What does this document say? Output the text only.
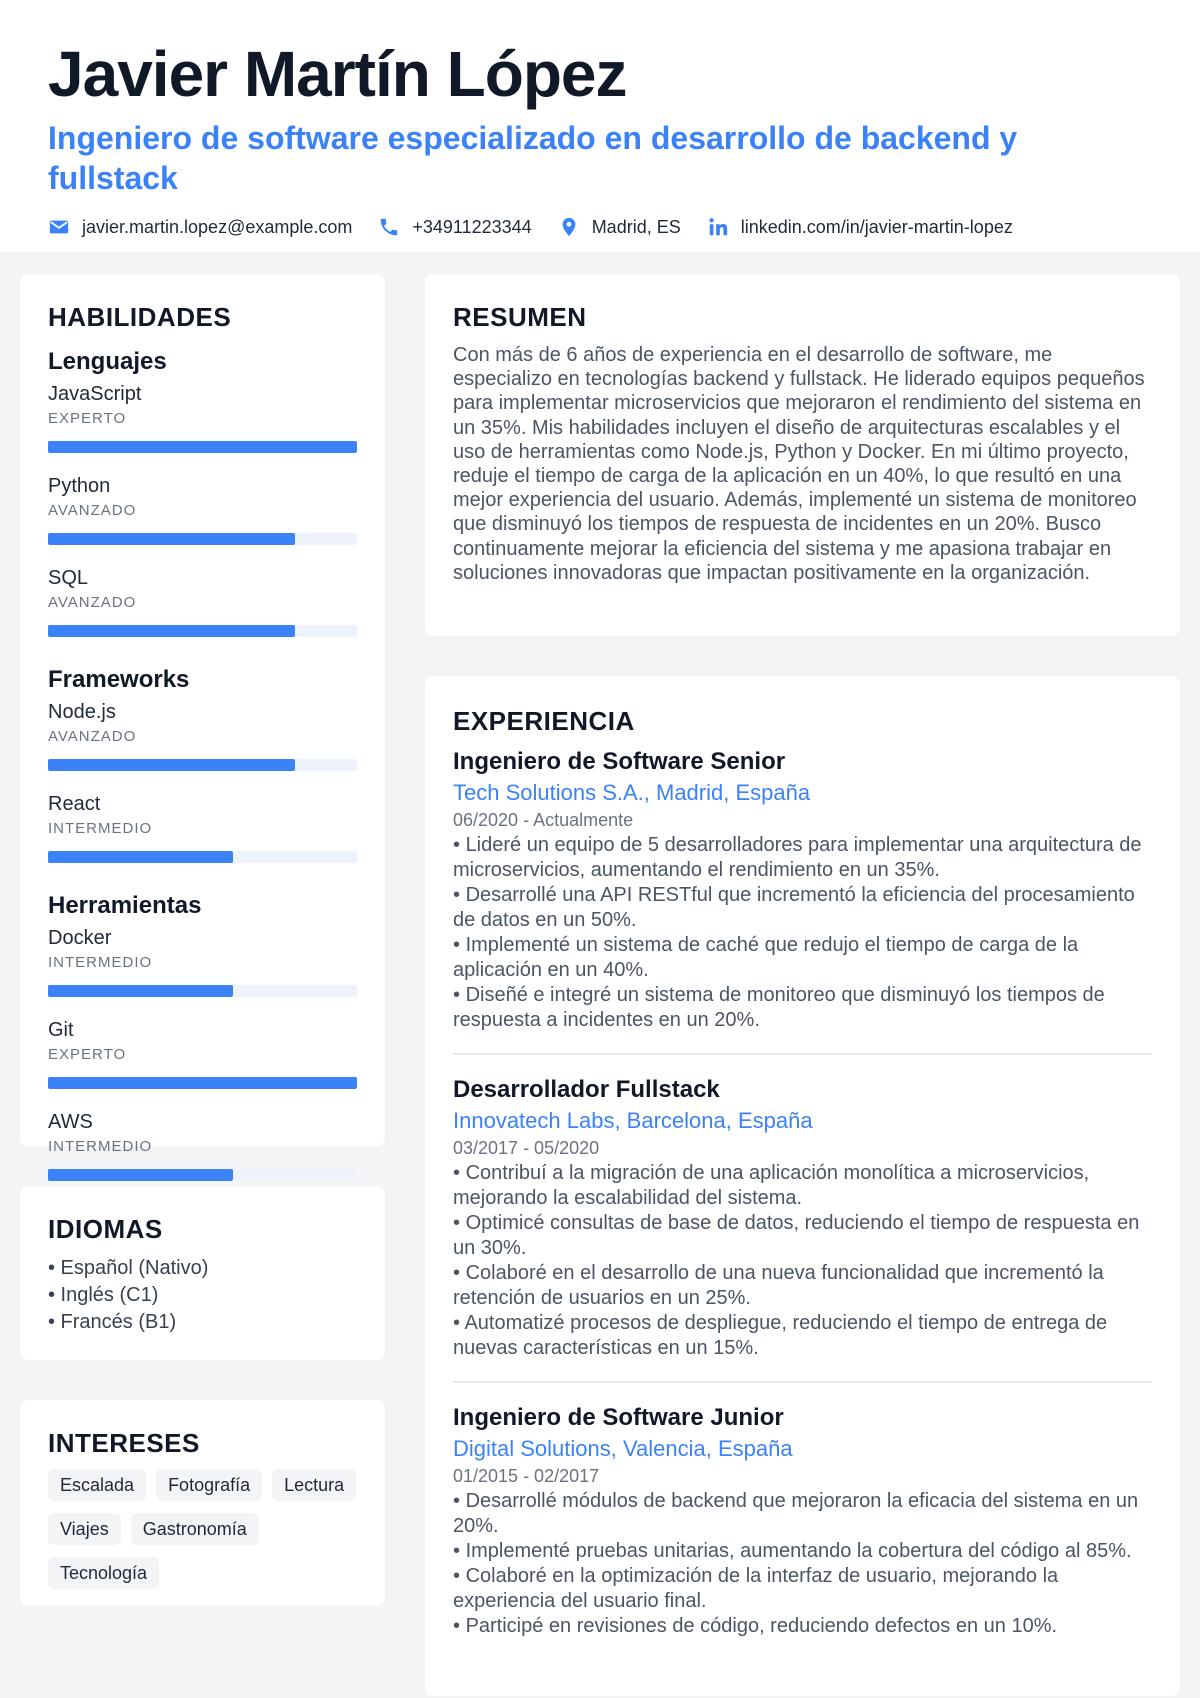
Javier Martín López
Ingeniero de software especializado en desarrollo de backend y fullstack
javier.martin.lopez@example.com	+34911223344	Madrid, ES	linkedin.com/in/javier-martin-lopez
HABILIDADES
Lenguajes
JavaScript
EXPERTO
Python
AVANZADO
SQL
AVANZADO
Frameworks
Node.js
AVANZADO
React
INTERMEDIO
Herramientas
Docker
INTERMEDIO
Git
EXPERTO
AWS
INTERMEDIO
IDIOMAS
• Español (Nativo)
• Inglés (C1)
• Francés (B1)
INTERESES
Escalada	Fotografía	Lectura
Viajes	Gastronomía
Tecnología
RESUMEN

Con más de 6 años de experiencia en el desarrollo de software, me especializo en tecnologías backend y fullstack. He liderado equipos pequeños para implementar microservicios que mejoraron el rendimiento del sistema en un 35%. Mis habilidades incluyen el diseño de arquitecturas escalables y el uso de herramientas como Node.js, Python y Docker. En mi último proyecto, reduje el tiempo de carga de la aplicación en un 40%, lo que resultó en una mejor experiencia del usuario. Además, implementé un sistema de monitoreo que disminuyó los tiempos de respuesta de incidentes en un 20%. Busco continuamente mejorar la eficiencia del sistema y me apasiona trabajar en soluciones innovadoras que impactan positivamente en la organización.

EXPERIENCIA
Ingeniero de Software Senior
Tech Solutions S.A., Madrid, España
06/2020 - Actualmente
• Lideré un equipo de 5 desarrolladores para implementar una arquitectura de microservicios, aumentando el rendimiento en un 35%.
• Desarrollé una API RESTful que incrementó la eficiencia del procesamiento de datos en un 50%.
• Implementé un sistema de caché que redujo el tiempo de carga de la aplicación en un 40%.
• Diseñé e integré un sistema de monitoreo que disminuyó los tiempos de respuesta a incidentes en un 20%.
Desarrollador Fullstack
Innovatech Labs, Barcelona, España
03/2017 - 05/2020
• Contribuí a la migración de una aplicación monolítica a microservicios, mejorando la escalabilidad del sistema.
• Optimicé consultas de base de datos, reduciendo el tiempo de respuesta en un 30%.
• Colaboré en el desarrollo de una nueva funcionalidad que incrementó la retención de usuarios en un 25%.
• Automatizé procesos de despliegue, reduciendo el tiempo de entrega de nuevas características en un 15%.
Ingeniero de Software Junior
Digital Solutions, Valencia, España
01/2015 - 02/2017
• Desarrollé módulos de backend que mejoraron la eficacia del sistema en un 20%.
• Implementé pruebas unitarias, aumentando la cobertura del código al 85%.
• Colaboré en la optimización de la interfaz de usuario, mejorando la experiencia del usuario final.
• Participé en revisiones de código, reduciendo defectos en un 10%.
